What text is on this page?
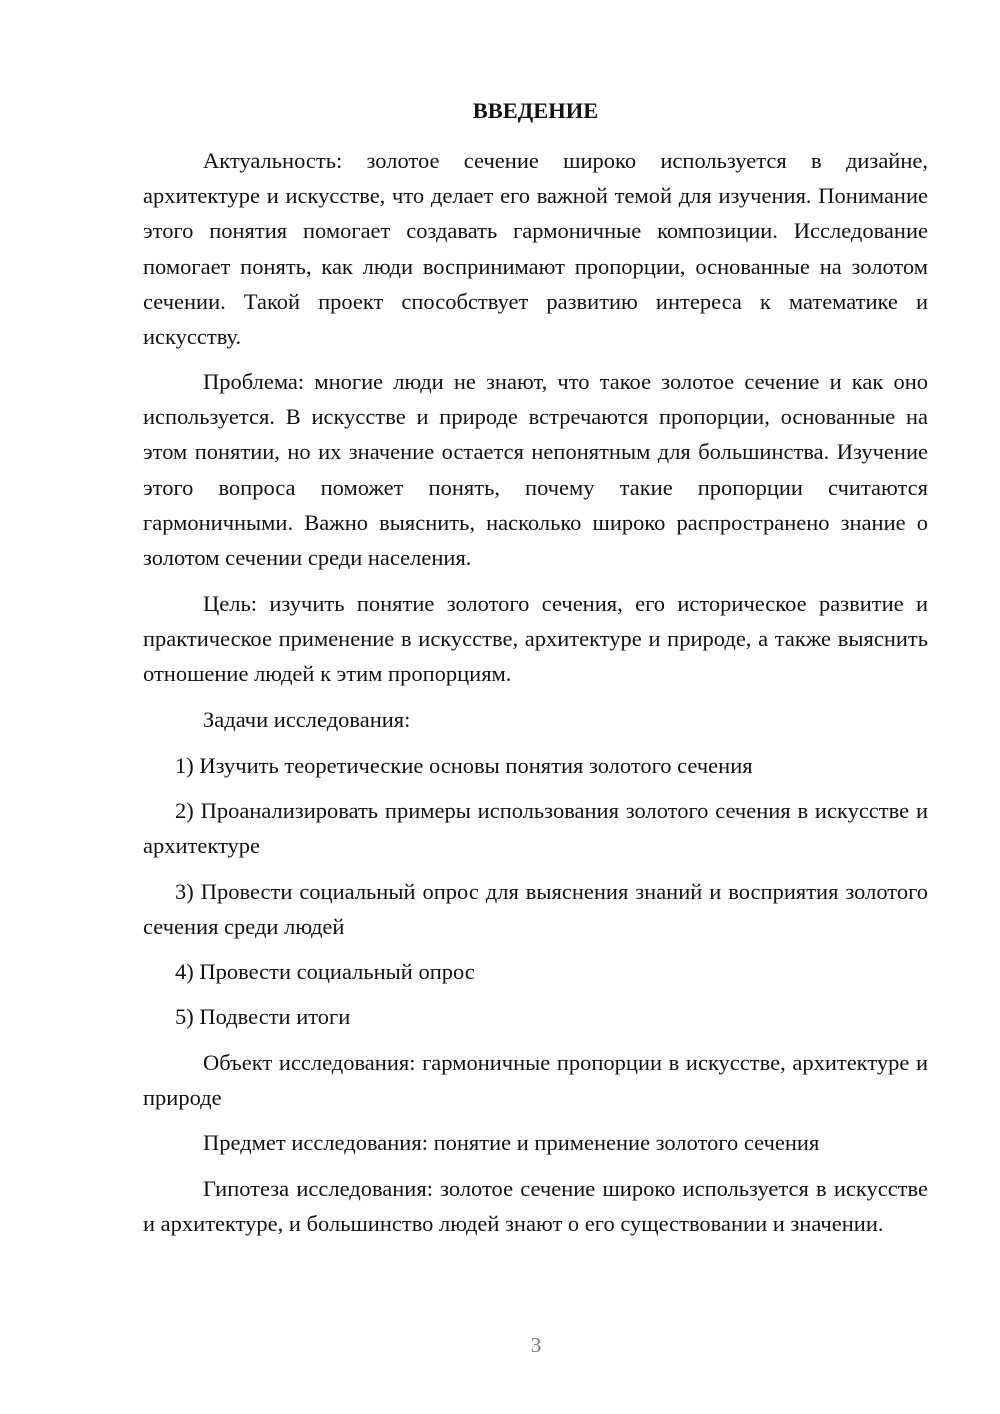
ВВЕДЕНИЕ

Актуальность: золотое сечение широко используется в дизайне, архитектуре и искусстве, что делает его важной темой для изучения. Понимание этого понятия помогает создавать гармоничные композиции. Исследование помогает понять, как люди воспринимают пропорции, основанные на золотом сечении. Такой проект способствует развитию интереса к математике и искусству.

Проблема: многие люди не знают, что такое золотое сечение и как оно используется. В искусстве и природе встречаются пропорции, основанные на этом понятии, но их значение остается непонятным для большинства. Изучение этого вопроса поможет понять, почему такие пропорции считаются гармоничными. Важно выяснить, насколько широко распространено знание о золотом сечении среди населения.

Цель: изучить понятие золотого сечения, его историческое развитие и практическое применение в искусстве, архитектуре и природе, а также выяснить отношение людей к этим пропорциям.

Задачи исследования:

1) Изучить теоретические основы понятия золотого сечения

2) Проанализировать примеры использования золотого сечения в искусстве и архитектуре

3) Провести социальный опрос для выяснения знаний и восприятия золотого сечения среди людей

4) Провести социальный опрос

5) Подвести итоги

Объект исследования: гармоничные пропорции в искусстве, архитектуре и природе

Предмет исследования: понятие и применение золотого сечения

Гипотеза исследования: золотое сечение широко используется в искусстве и архитектуре, и большинство людей знают о его существовании и значении.

3
